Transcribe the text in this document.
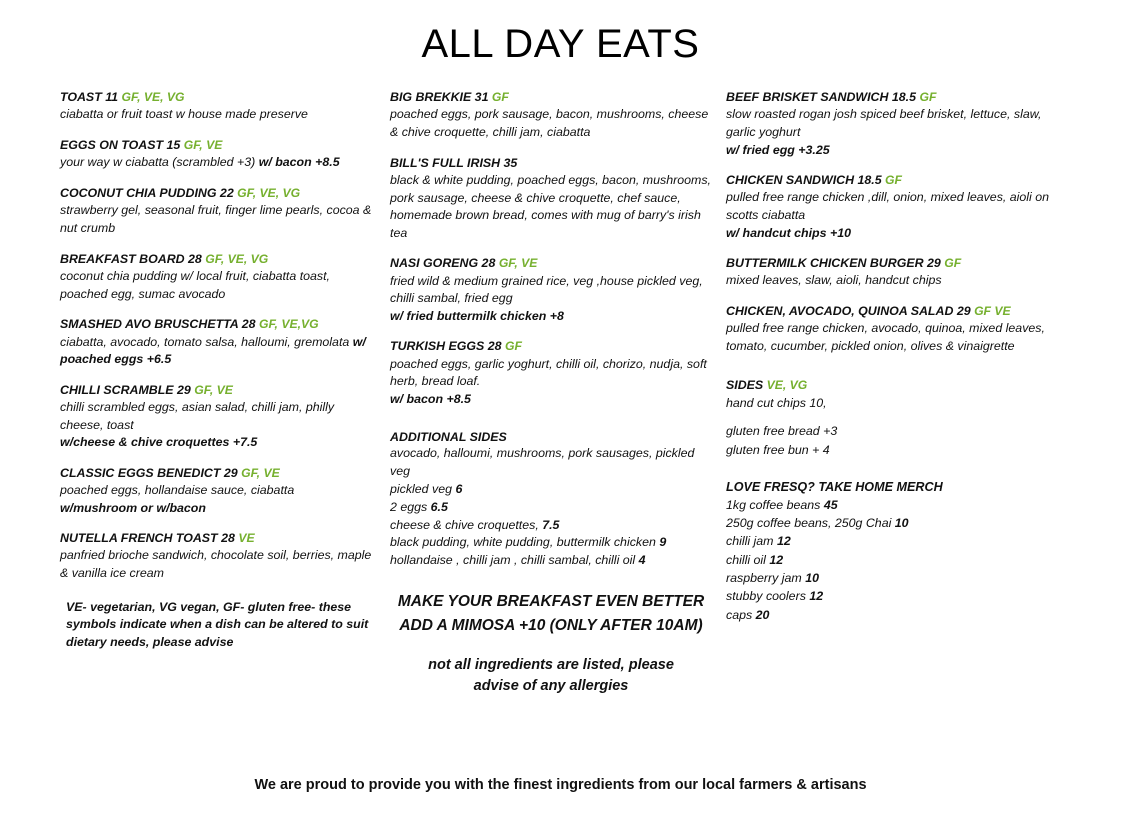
ALL DAY EATS
TOAST 11 GF, VE, VG
ciabatta or fruit toast w house made preserve
EGGS ON TOAST 15 GF, VE
your way w ciabatta (scrambled +3) w/ bacon +8.5
COCONUT CHIA PUDDING 22 GF, VE, VG
strawberry gel, seasonal fruit, finger lime pearls, cocoa & nut crumb
BREAKFAST BOARD 28 GF, VE, VG
coconut chia pudding w/ local fruit, ciabatta toast, poached egg, sumac avocado
SMASHED AVO BRUSCHETTA 28 GF, VE,VG
ciabatta, avocado, tomato salsa, halloumi, gremolata w/ poached eggs +6.5
CHILLI SCRAMBLE 29 GF, VE
chilli scrambled eggs, asian salad, chilli jam, philly cheese, toast
w/cheese & chive croquettes +7.5
CLASSIC EGGS BENEDICT 29 GF, VE
poached eggs, hollandaise sauce, ciabatta
w/mushroom or w/bacon
NUTELLA FRENCH TOAST 28 VE
panfried brioche sandwich, chocolate soil, berries, maple & vanilla ice cream
VE- vegetarian, VG vegan, GF- gluten free- these symbols indicate when a dish can be altered to suit dietary needs, please advise
BIG BREKKIE 31 GF
poached eggs, pork sausage, bacon, mushrooms, cheese & chive croquette, chilli jam, ciabatta
BILL'S FULL IRISH 35
black & white pudding, poached eggs, bacon, mushrooms, pork sausage, cheese & chive croquette, chef sauce, homemade brown bread, comes with mug of barry's irish tea
NASI GORENG 28 GF, VE
fried wild & medium grained rice, veg ,house pickled veg, chilli sambal, fried egg
w/ fried buttermilk chicken +8
TURKISH EGGS 28 GF
poached eggs, garlic yoghurt, chilli oil, chorizo, nudja, soft herb, bread loaf.
w/ bacon +8.5
ADDITIONAL SIDES
avocado, halloumi, mushrooms, pork sausages, pickled veg
pickled veg 6
2 eggs 6.5
cheese & chive croquettes, 7.5
black pudding, white pudding, buttermilk chicken 9
hollandaise , chilli jam , chilli sambal, chilli oil 4
MAKE YOUR BREAKFAST EVEN BETTER
ADD A MIMOSA +10 (ONLY AFTER 10AM)
not all ingredients are listed, please
advise of any allergies
BEEF BRISKET SANDWICH 18.5 GF
slow roasted rogan josh spiced beef brisket, lettuce, slaw, garlic yoghurt
w/ fried egg +3.25
CHICKEN SANDWICH 18.5 GF
pulled free range chicken ,dill, onion, mixed leaves, aioli on scotts ciabatta
w/ handcut chips +10
BUTTERMILK CHICKEN BURGER 29 GF
mixed leaves, slaw, aioli, handcut chips
CHICKEN, AVOCADO, QUINOA SALAD 29 GF VE
pulled free range chicken, avocado, quinoa, mixed leaves, tomato, cucumber, pickled onion, olives & vinaigrette
SIDES VE, VG
hand cut chips 10,
gluten free bread +3
gluten free bun + 4
LOVE FRESQ? TAKE HOME MERCH
1kg coffee beans 45
250g coffee beans, 250g Chai 10
chilli jam 12
chilli oil 12
raspberry jam 10
stubby coolers 12
caps 20
We are proud to provide you with the finest ingredients from our local farmers & artisans
